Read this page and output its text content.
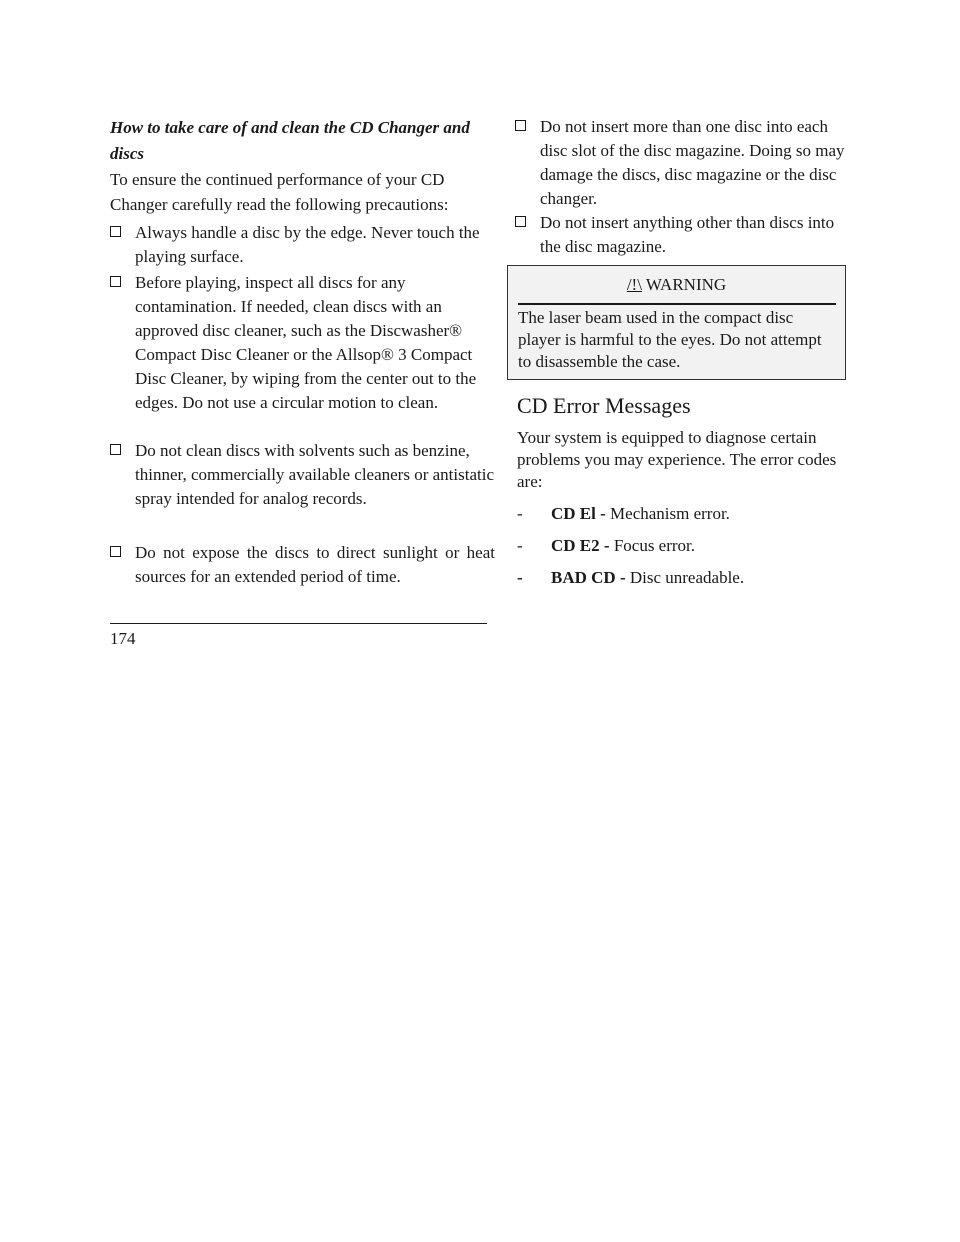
How to take care of and clean the CD Changer and discs
To ensure the continued performance of your CD Changer carefully read the following precautions:
Always handle a disc by the edge. Never touch the playing surface.
Before playing, inspect all discs for any contamination. If needed, clean discs with an approved disc cleaner, such as the Discwasher® Compact Disc Cleaner or the Allsop® 3 Compact Disc Cleaner, by wiping from the center out to the edges. Do not use a circular motion to clean.
Do not clean discs with solvents such as benzine, thinner, commercially available cleaners or antistatic spray intended for analog records.
Do not expose the discs to direct sunlight or heat sources for an extended period of time.
174
Do not insert more than one disc into each disc slot of the disc magazine. Doing so may damage the discs, disc magazine or the disc changer.
Do not insert anything other than discs into the disc magazine.
/!\ WARNING
The laser beam used in the compact disc player is harmful to the eyes. Do not attempt to disassemble the case.
CD Error Messages
Your system is equipped to diagnose certain problems you may experience. The error codes are:
- CD El - Mechanism error.
- CD E2 - Focus error.
- BAD CD - Disc unreadable.
